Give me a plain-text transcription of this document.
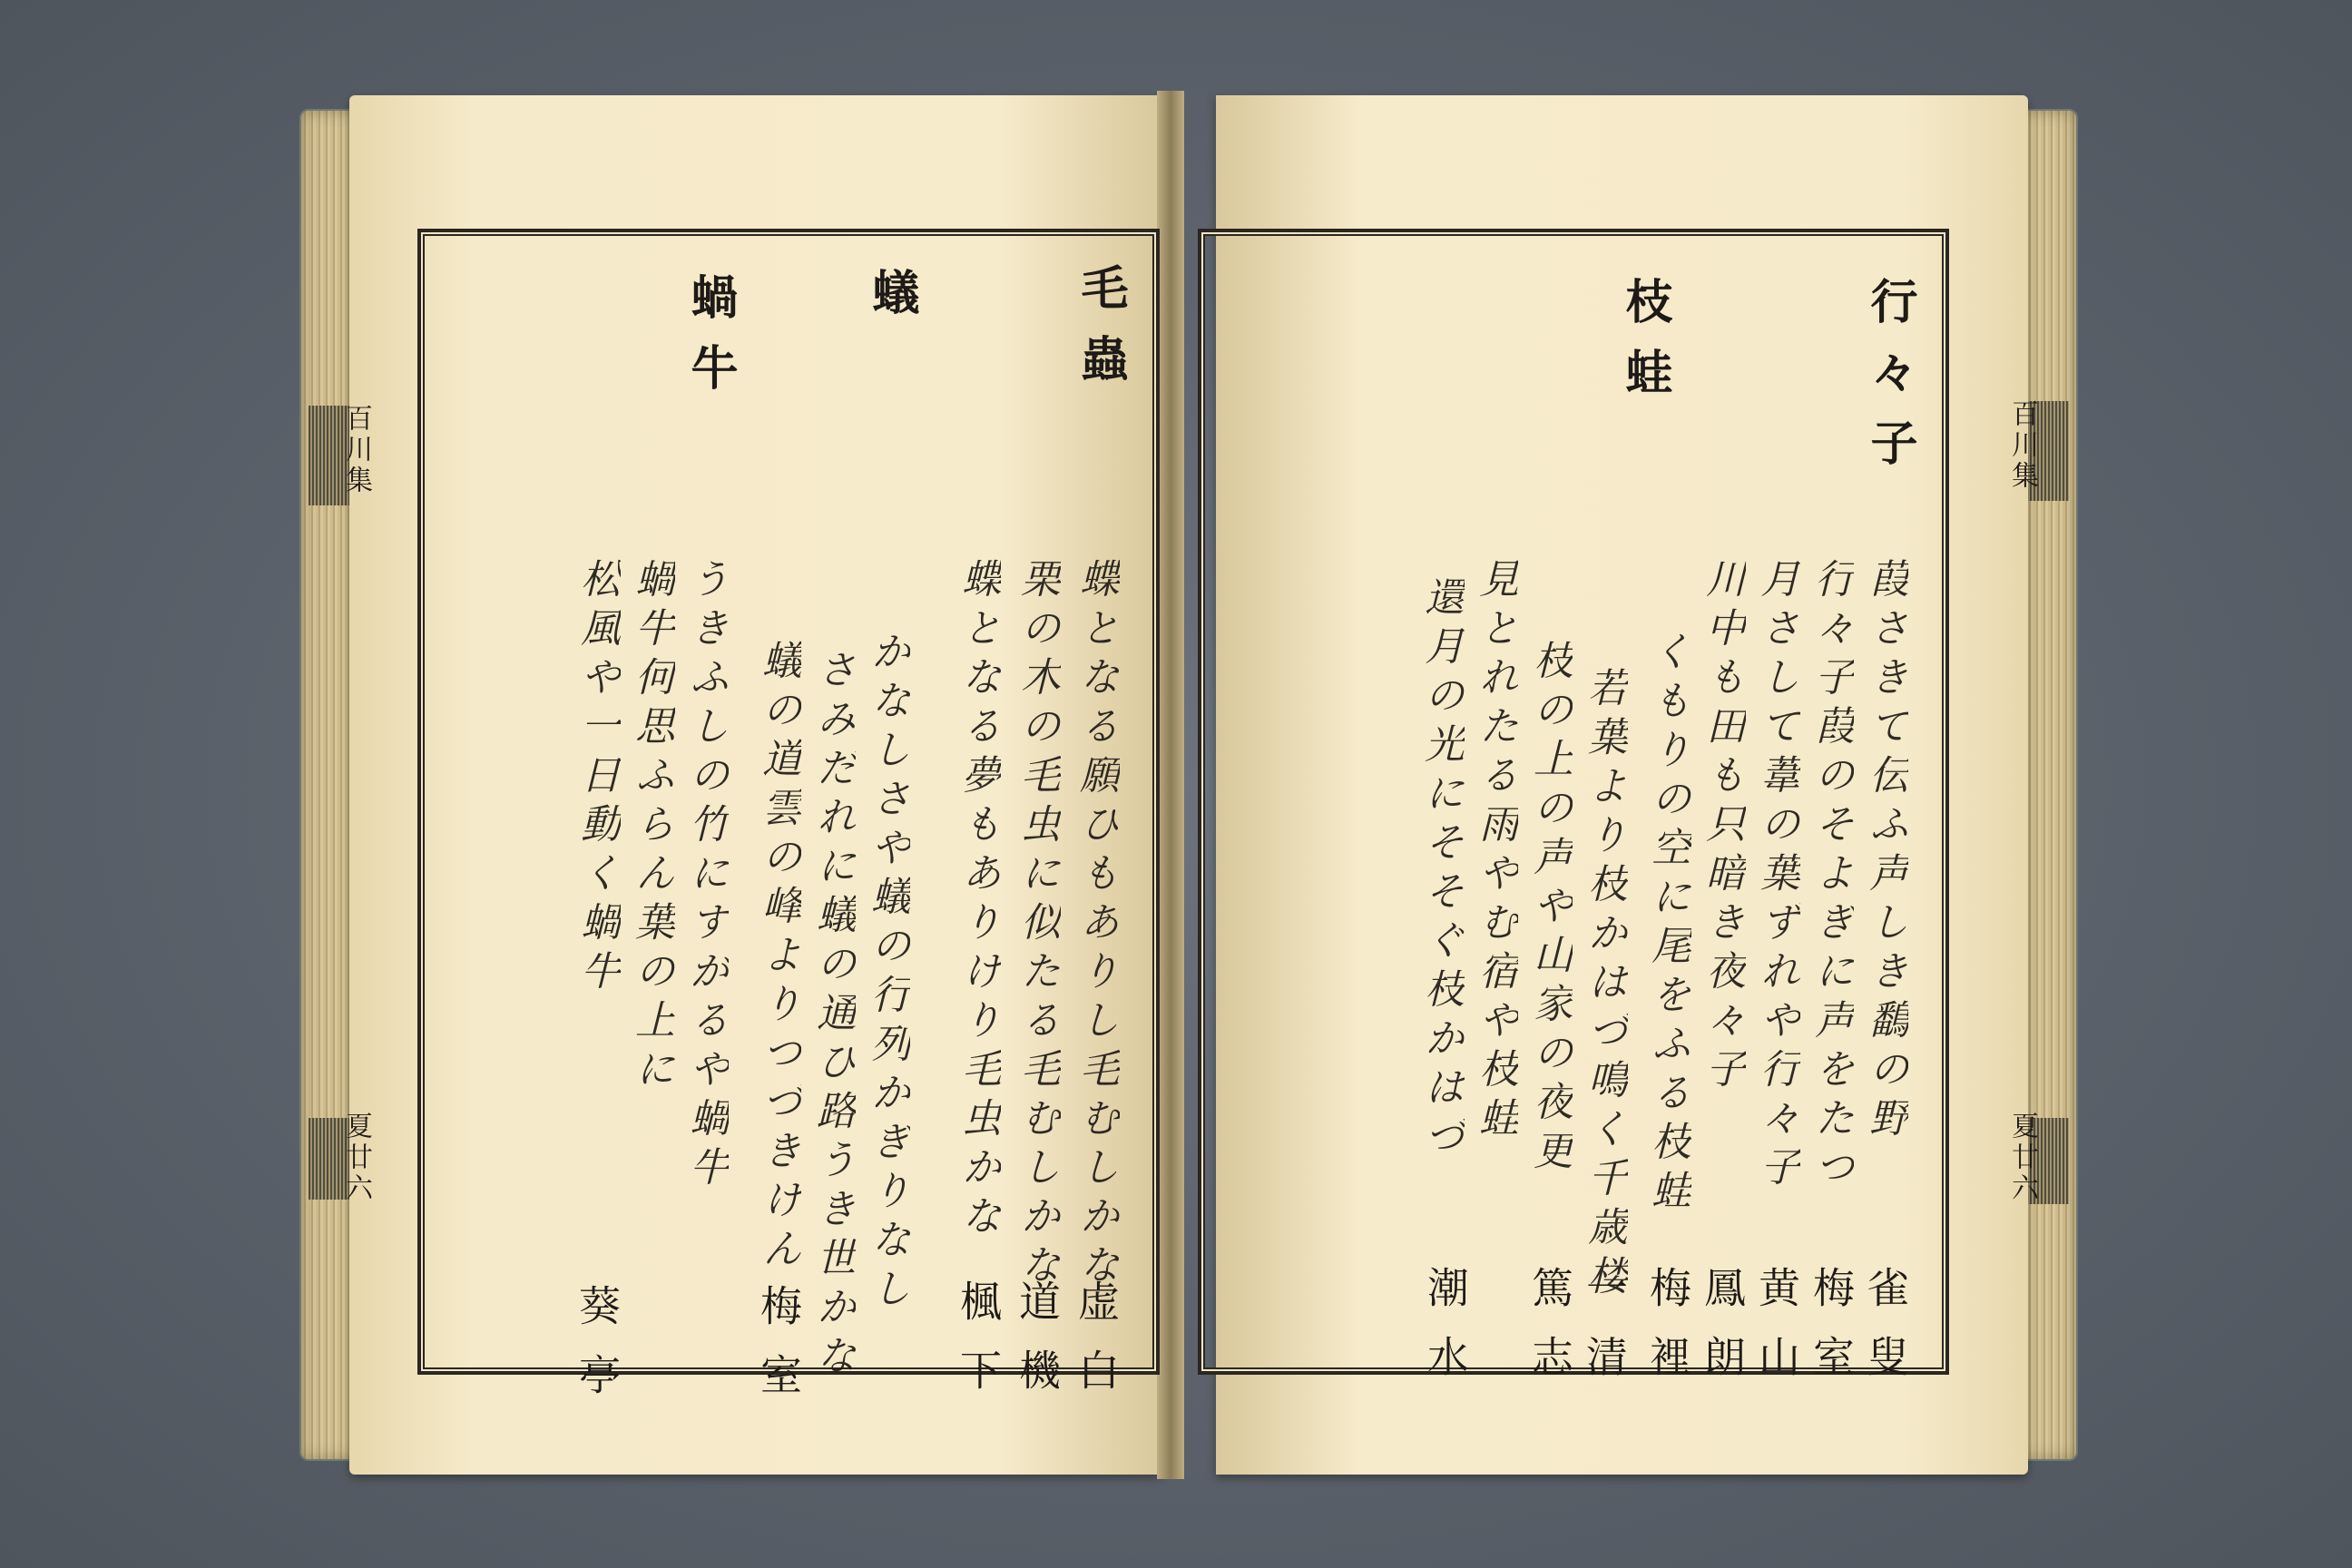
百川集
夏廿六
百川集
夏廿六
毛蟲
蝶となる願ひもありし毛むしかな
虚白
栗の木の毛虫に似たる毛むしかな
道機
蝶となる夢もありけり毛虫かな
楓下
蟻
かなしさや蟻の行列かぎりなし
さみだれに蟻の通ひ路うき世かな
蟻の道雲の峰よりつづきけん
梅室
蝸牛
うきふしの竹にすがるや蝸牛
蝸牛何思ふらん葉の上に
松風や一日動く蝸牛
葵亭
行々子
葭さきて伝ふ声しき鷭の野
行々子葭のそよぎに声をたつ
雀叟
月さして葦の葉ずれや行々子
梅室
川中も田も只暗き夜々子
黄山
枝蛙
くもりの空に尾をふる枝蛙
若葉より枝かはづ鳴く千歳楼
鳳朗
枝の上の声や山家の夜更
梅裡
見とれたる雨やむ宿や枝蛙
一清
還月の光にそそぐ枝かはづ
篤志
潮水
